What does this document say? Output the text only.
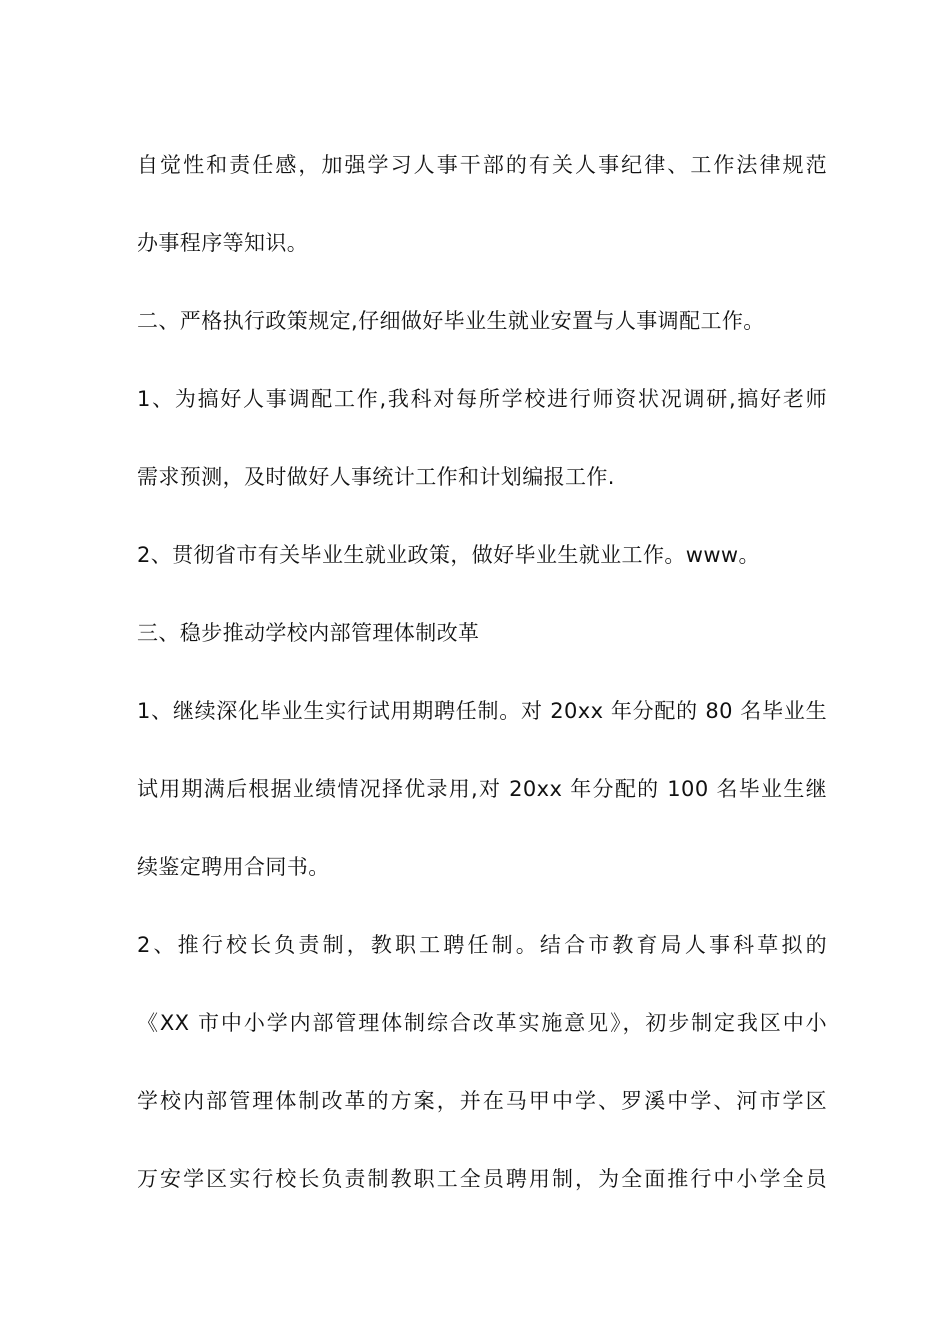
自觉性和责任感，加强学习人事干部的有关人事纪律、工作法律规范
办事程序等知识。
二、严格执行政策规定,仔细做好毕业生就业安置与人事调配工作。
1、为搞好人事调配工作,我科对每所学校进行师资状况调研,搞好老师
需求预测，及时做好人事统计工作和计划编报工作.
2、贯彻省市有关毕业生就业政策，做好毕业生就业工作。www。
三、稳步推动学校内部管理体制改革
1、继续深化毕业生实行试用期聘任制。对 20xx 年分配的 80 名毕业生
试用期满后根据业绩情况择优录用,对 20xx 年分配的 100 名毕业生继
续鉴定聘用合同书。
2、推行校长负责制，教职工聘任制。结合市教育局人事科草拟的
《XX 市中小学内部管理体制综合改革实施意见》，初步制定我区中小
学校内部管理体制改革的方案，并在马甲中学、罗溪中学、河市学区
万安学区实行校长负责制教职工全员聘用制，为全面推行中小学全员
